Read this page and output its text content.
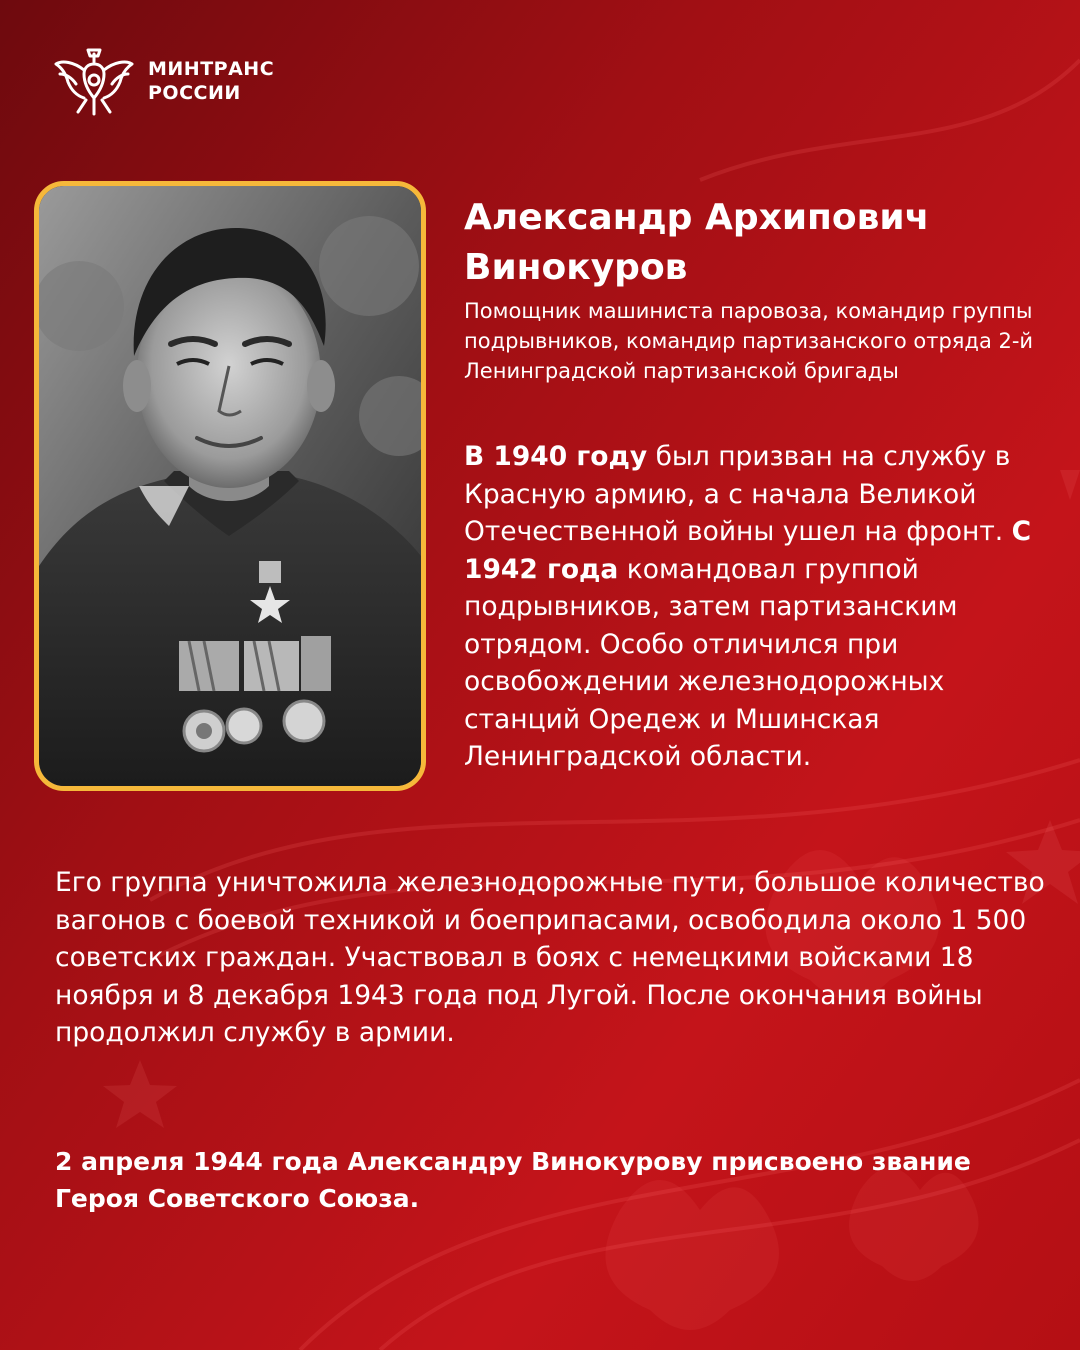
МИНТРАНС
РОССИИ
Александр Архипович
Винокуров

Помощник машиниста паровоза, командир группы подрывников, командир партизанского отряда 2-й Ленинградской партизанской бригады

В 1940 году был призван на службу в Красную армию, а с начала Великой Отечественной войны ушел на фронт. С 1942 года командовал группой подрывников, затем партизанским отрядом. Особо отличился при освобождении железнодорожных станций Оредеж и Мшинская Ленинградской области.

Его группа уничтожила железнодорожные пути, большое количество вагонов с боевой техникой и боеприпасами, освободила около 1 500 советских граждан. Участвовал в боях с немецкими войсками 18 ноября и 8 декабря 1943 года под Лугой. После окончания войны продолжил службу в армии.

2 апреля 1944 года Александру Винокурову присвоено звание Героя Советского Союза.
